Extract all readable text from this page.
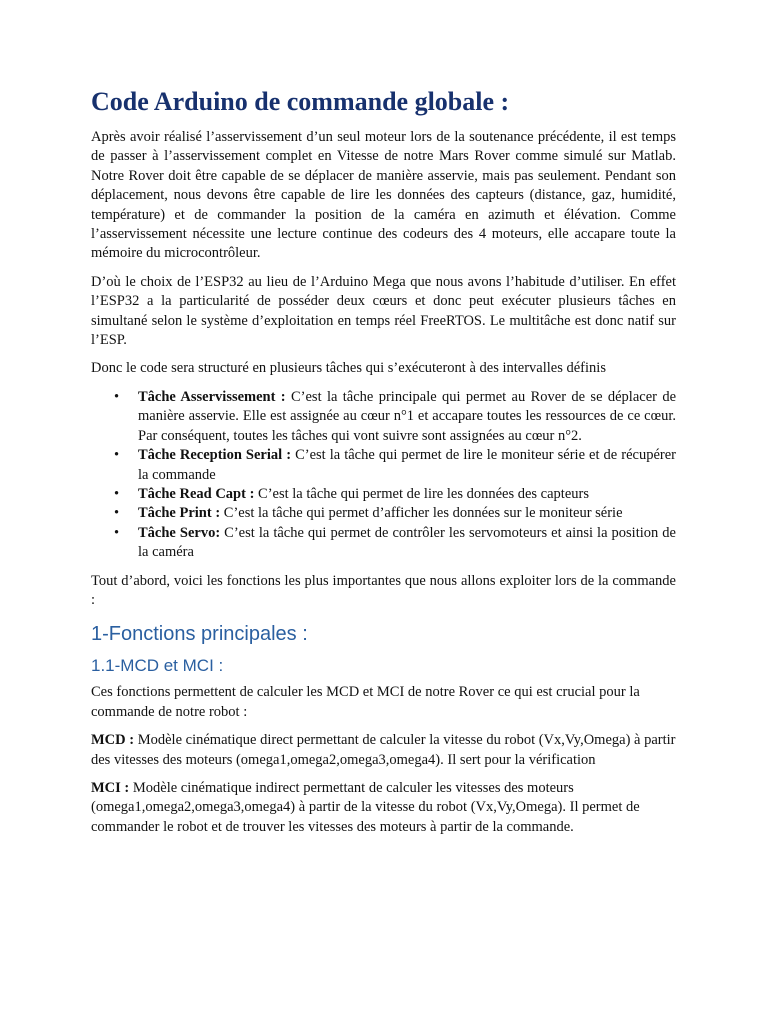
Code Arduino de commande globale :

Après avoir réalisé l’asservissement d’un seul moteur lors de la soutenance précédente, il est temps de passer à l’asservissement complet en Vitesse de notre Mars Rover comme simulé sur Matlab. Notre Rover doit être capable de se déplacer de manière asservie, mais pas seulement. Pendant son déplacement, nous devons être capable de lire les données des capteurs (distance, gaz, humidité, température) et de commander la position de la caméra en azimuth et élévation. Comme l’asservissement nécessite une lecture continue des codeurs des 4 moteurs, elle accapare toute la mémoire du microcontrôleur.

D’où le choix de l’ESP32 au lieu de l’Arduino Mega que nous avons l’habitude d’utiliser. En effet l’ESP32 a la particularité de posséder deux cœurs et donc peut exécuter plusieurs tâches en simultané selon le système d’exploitation en temps réel FreeRTOS. Le multitâche est donc natif sur l’ESP.

Donc le code sera structuré en plusieurs tâches qui s’exécuteront à des intervalles définis

• Tâche Asservissement : C’est la tâche principale qui permet au Rover de se déplacer de manière asservie. Elle est assignée au cœur n°1 et accapare toutes les ressources de ce cœur. Par conséquent, toutes les tâches qui vont suivre sont assignées au cœur n°2.
• Tâche Reception Serial : C’est la tâche qui permet de lire le moniteur série et de récupérer la commande
• Tâche Read Capt : C’est la tâche qui permet de lire les données des capteurs
• Tâche Print : C’est la tâche qui permet d’afficher les données sur le moniteur série
• Tâche Servo: C’est la tâche qui permet de contrôler les servomoteurs et ainsi la position de la caméra

Tout d’abord, voici les fonctions les plus importantes que nous allons exploiter lors de la commande :

1-Fonctions principales :
1.1-MCD et MCI :

Ces fonctions permettent de calculer les MCD et MCI de notre Rover ce qui est crucial pour la commande de notre robot :

MCD : Modèle cinématique direct permettant de calculer la vitesse du robot (Vx,Vy,Omega) à partir des vitesses des moteurs (omega1,omega2,omega3,omega4). Il sert pour la vérification

MCI : Modèle cinématique indirect permettant de calculer les vitesses des moteurs (omega1,omega2,omega3,omega4) à partir de la vitesse du robot (Vx,Vy,Omega). Il permet de commander le robot et de trouver les vitesses des moteurs à partir de la commande.
